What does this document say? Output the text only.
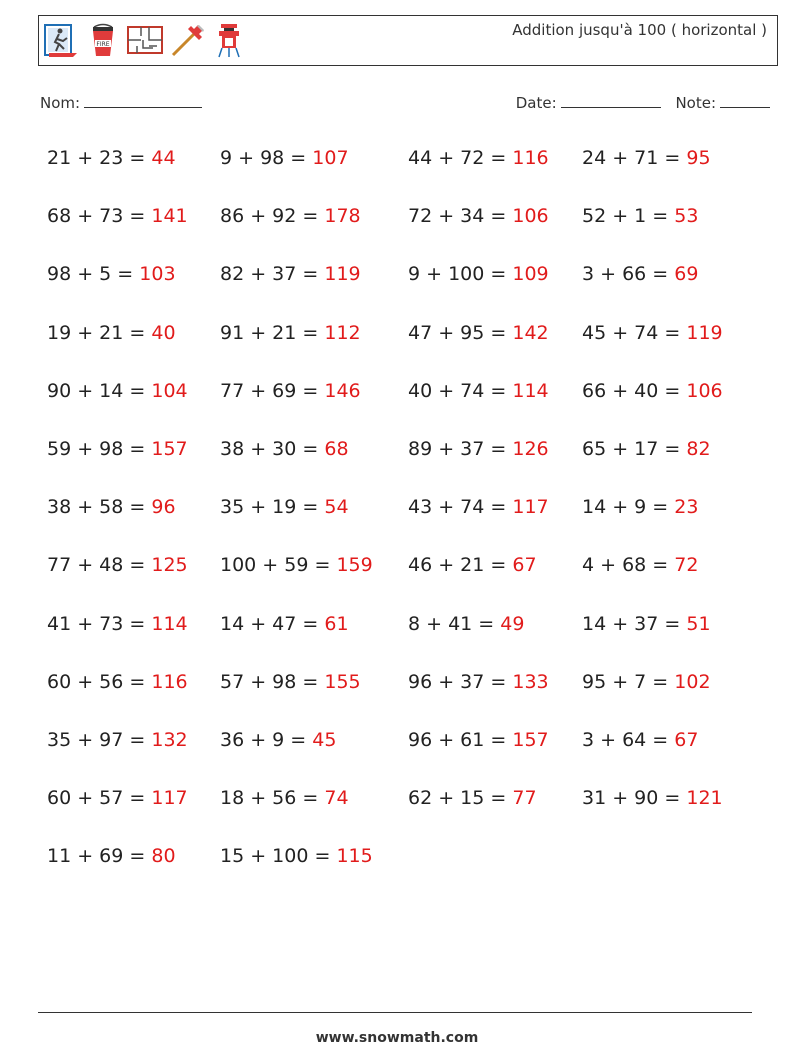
FIRE
Addition jusqu'à 100 ( horizontal )
Nom:	Date:	Note:
21 + 23 = 44 9 + 98 = 107	44 + 72 = 116 24 + 71 = 95
68 + 73 = 141 86 + 92 = 178 72 + 34 = 106 52 + 1 = 53
98 + 5 = 103 82 + 37 = 119 9 + 100 = 109 3 + 66 = 69
19 + 21 = 40 91 + 21 = 112 47 + 95 = 142 45 + 74 = 119
90 + 14 = 104 77 + 69 = 146 40 + 74 = 114 66 + 40 = 106
59 + 98 = 157 38 + 30 = 68	89 + 37 = 126 65 + 17 = 82
38 + 58 = 96 35 + 19 = 54	43 + 74 = 117 14 + 9 = 23
77 + 48 = 125 100 + 59 = 159 46 + 21 = 67 4 + 68 = 72
41 + 73 = 114 14 + 47 = 61	8 + 41 = 49	14 + 37 = 51
60 + 56 = 116 57 + 98 = 155 96 + 37 = 133 95 + 7 = 102
35 + 97 = 132 36 + 9 = 45	96 + 61 = 157 3 + 64 = 67
60 + 57 = 117 18 + 56 = 74	62 + 15 = 77 31 + 90 = 121
11 + 69 = 80 15 + 100 = 115
www.snowmath.com
